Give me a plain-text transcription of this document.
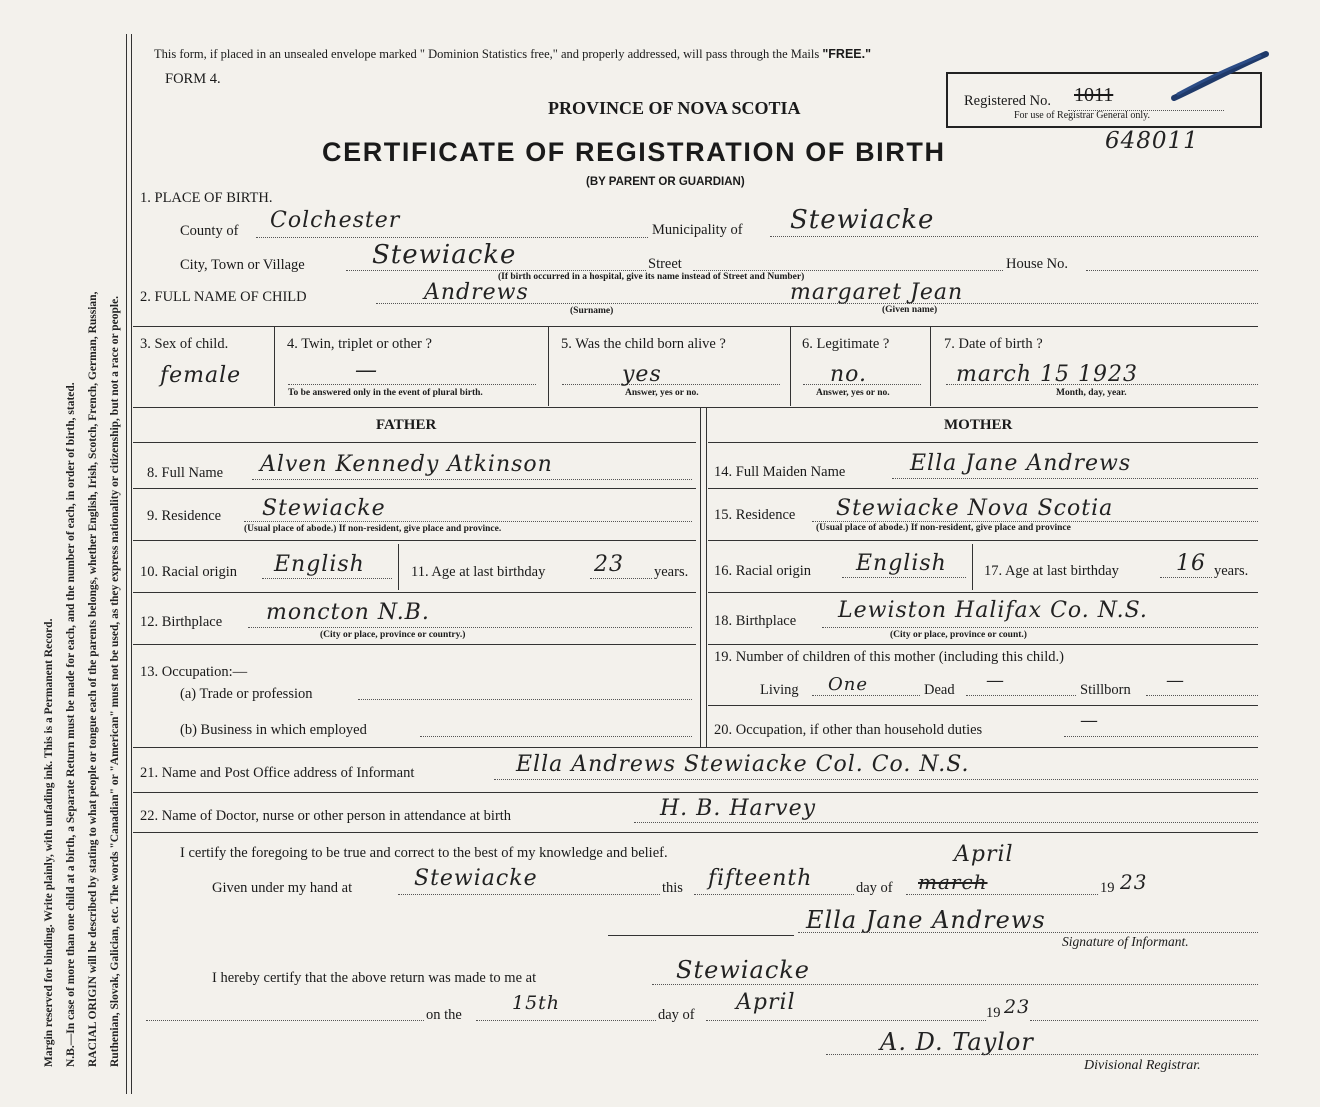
Margin reserved for binding. Write plainly, with unfading ink. This is a Permanent Record. N.B.—In case of more than one child at a birth, a Separate Return must be made for each, and the number of each, in order of birth, stated. RACIAL ORIGIN will be described by stating to what people or tongue each of the parents belongs, whether English, Irish, Scotch, French, German, Russian, Ruthenian, Slovak, Galician, etc. The words "Canadian" or "American" must not be used, as they express nationality or citizenship, but not a race or people.
This form, if placed in an unsealed envelope marked " Dominion Statistics free," and properly addressed, will pass through the Mails "FREE."
FORM 4.
PROVINCE OF NOVA SCOTIA
CERTIFICATE OF REGISTRATION OF BIRTH
(BY PARENT OR GUARDIAN)
Registered No. 1011
For use of Registrar General only.
648011
1. PLACE OF BIRTH.
County of Colchester	Municipality of Stewiacke
City, Town or Village	Stewiacke	Street	House No.
(If birth occurred in a hospital, give its name instead of Street and Number)
2. FULL NAME OF CHILD	Andrews
(Surname)
margaret Jean
(Given name)
3. Sex of child.
female
4. Twin, triplet or other ?
—
To be answered only in the event of plural birth.
5. Was the child born alive ?
yes
Answer, yes or no.
6. Legitimate ?
no.
Answer, yes or no.
7. Date of birth ?
march 15 1923
Month, day, year.
FATHER
8. Full Name Alven Kennedy Atkinson
9. Residence Stewiacke
(Usual place of abode.) If non-resident, give place and province.
10. Racial origin English	11. Age at last birthday 23 years.
12. Birthplace moncton N.B.
(City or place, province or country.)
13. Occupation:—
(a) Trade or profession
(b) Business in which employed
MOTHER
14. Full Maiden Name	Ella Jane Andrews
15. Residence Stewiacke Nova Scotia
(Usual place of abode.) If non-resident, give place and province
16. Racial origin English	17. Age at last birthday	16 years.
18. Birthplace Lewiston Halifax Co. N.S.
(City or place, province or count.)
19. Number of children of this mother (including this child.)
Living One	Dead —	Stillborn —
20. Occupation, if other than household duties	—
21. Name and Post Office address of Informant	Ella Andrews Stewiacke Col. Co. N.S.
22. Name of Doctor, nurse or other person in attendance at birth	H. B. Harvey
I certify the foregoing to be true and correct to the best of my knowledge and belief.
Given under my hand at	Stewiacke	this fifteenth	day of march
April
19 23
Ella Jane Andrews
Signature of Informant.
I hereby certify that the above return was made to me at	Stewiacke
on the
15th
day of April	19 23
A. D. Taylor
Divisional Registrar.
